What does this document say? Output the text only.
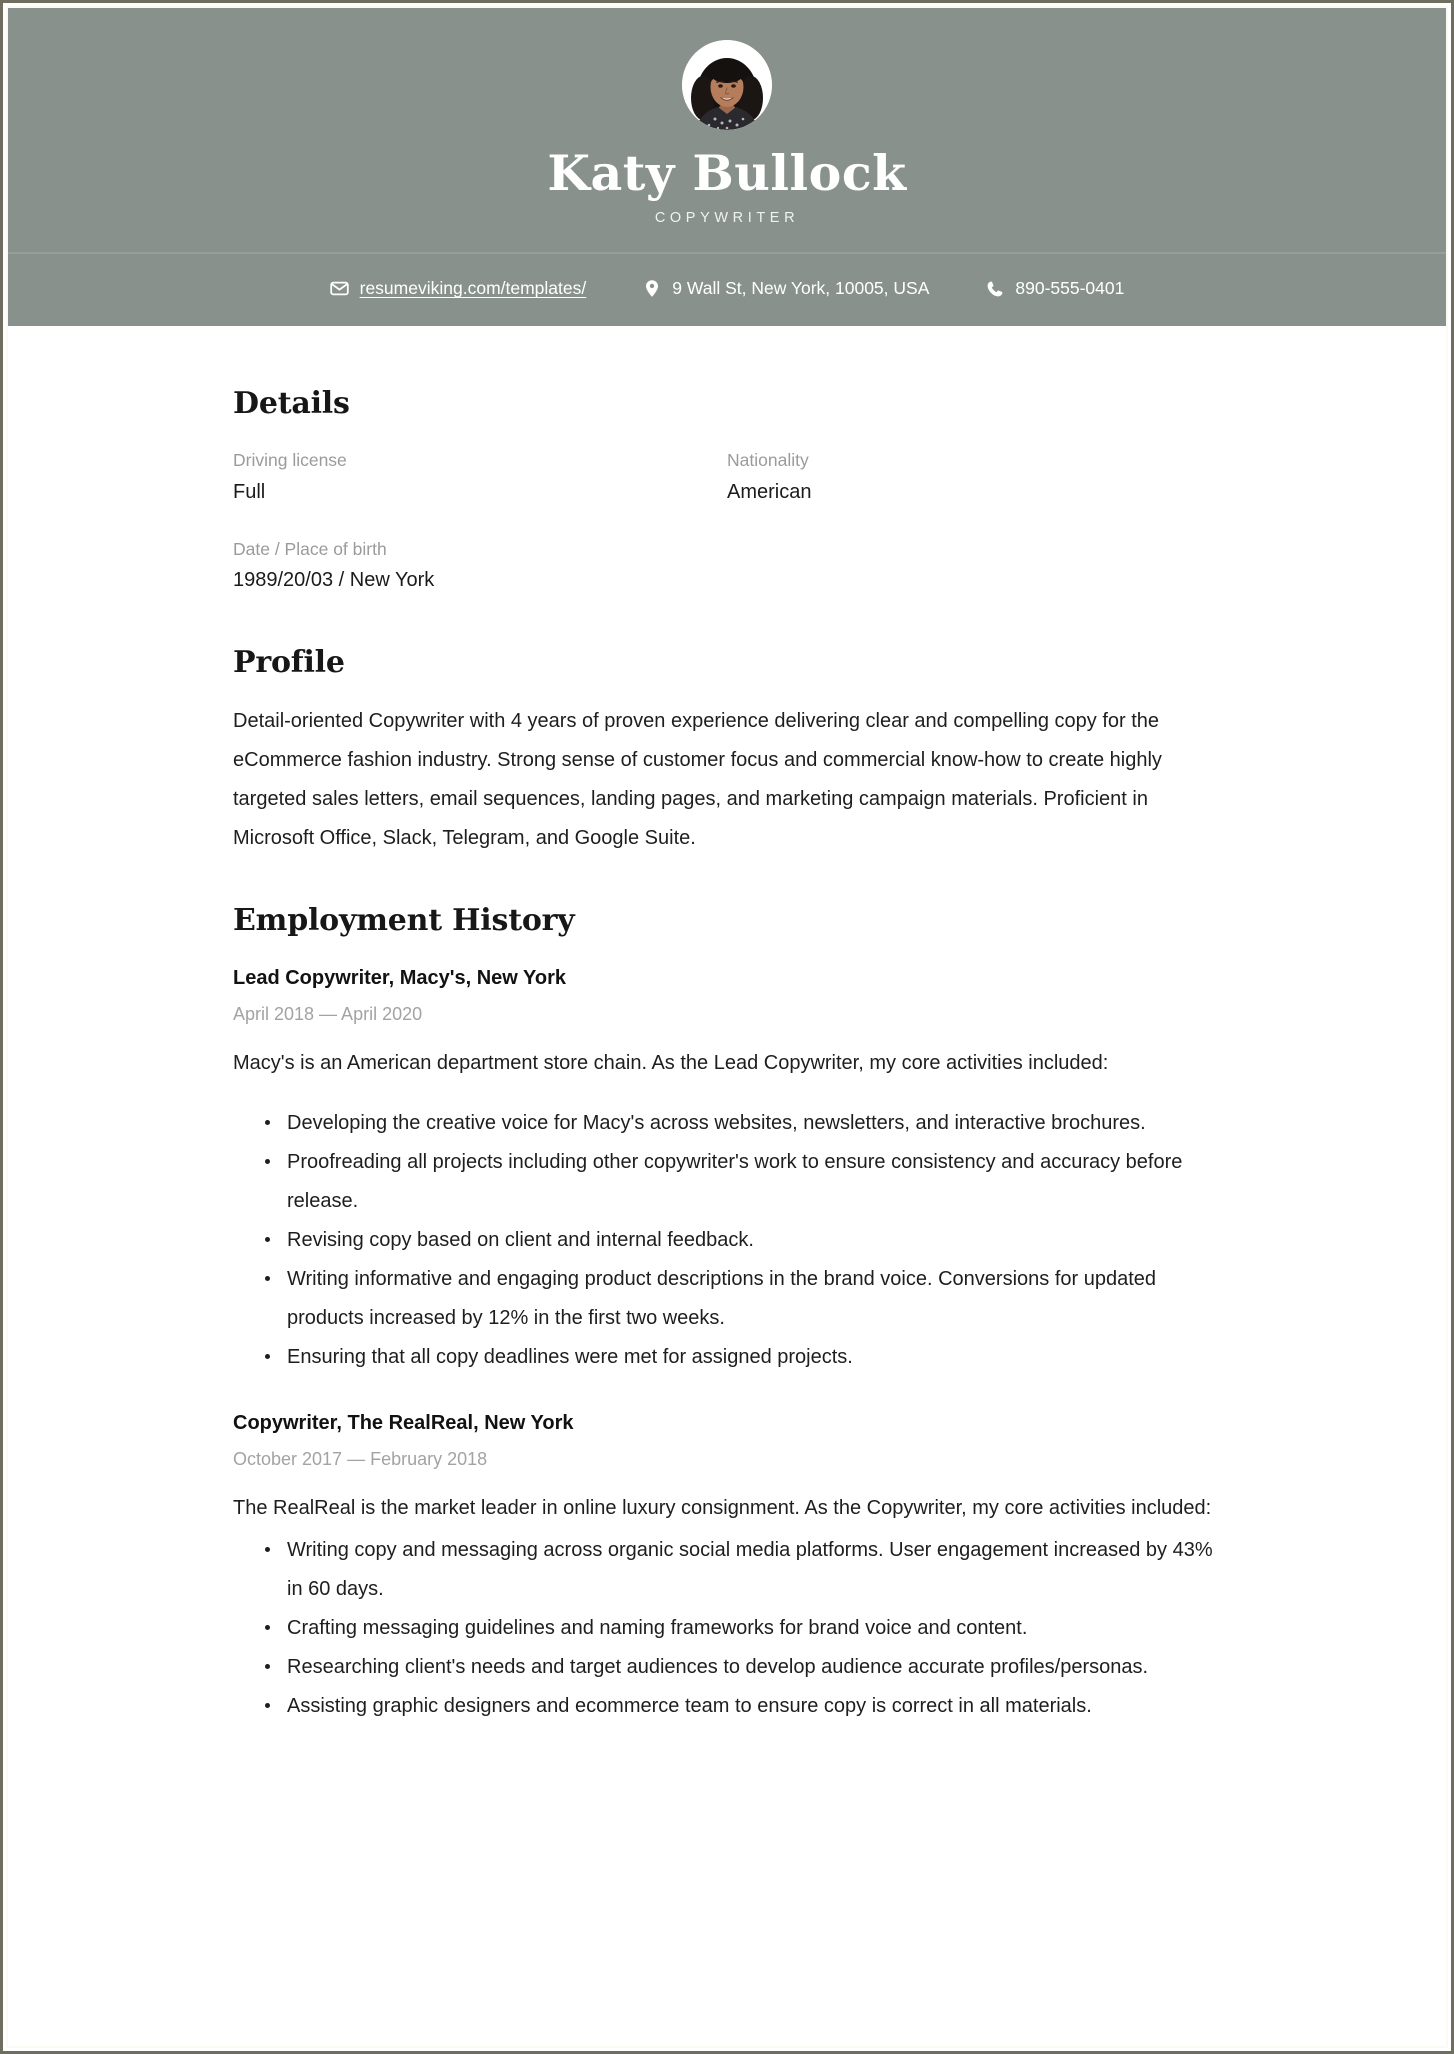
Katy Bullock
COPYWRITER
resumeviking.com/templates/	9 Wall St, New York, 10005, USA	890-555-0401
Details
Driving license
Full
Nationality
American
Date / Place of birth
1989/20/03 / New York
Profile

Detail-oriented Copywriter with 4 years of proven experience delivering clear and compelling copy for the eCommerce fashion industry. Strong sense of customer focus and commercial know-how to create highly targeted sales letters, email sequences, landing pages, and marketing campaign materials. Proficient in Microsoft Office, Slack, Telegram, and Google Suite.

Employment History
Lead Copywriter, Macy's, New York
April 2018 — April 2020
Macy's is an American department store chain. As the Lead Copywriter, my core activities included:
Developing the creative voice for Macy's across websites, newsletters, and interactive brochures.
Proofreading all projects including other copywriter's work to ensure consistency and accuracy before release.
Revising copy based on client and internal feedback.
Writing informative and engaging product descriptions in the brand voice. Conversions for updated products increased by 12% in the first two weeks.
Ensuring that all copy deadlines were met for assigned projects.
Copywriter, The RealReal, New York
October 2017 — February 2018
The RealReal is the market leader in online luxury consignment. As the Copywriter, my core activities included:
Writing copy and messaging across organic social media platforms. User engagement increased by 43% in 60 days.
Crafting messaging guidelines and naming frameworks for brand voice and content.
Researching client's needs and target audiences to develop audience accurate profiles/personas.
Assisting graphic designers and ecommerce team to ensure copy is correct in all materials.
